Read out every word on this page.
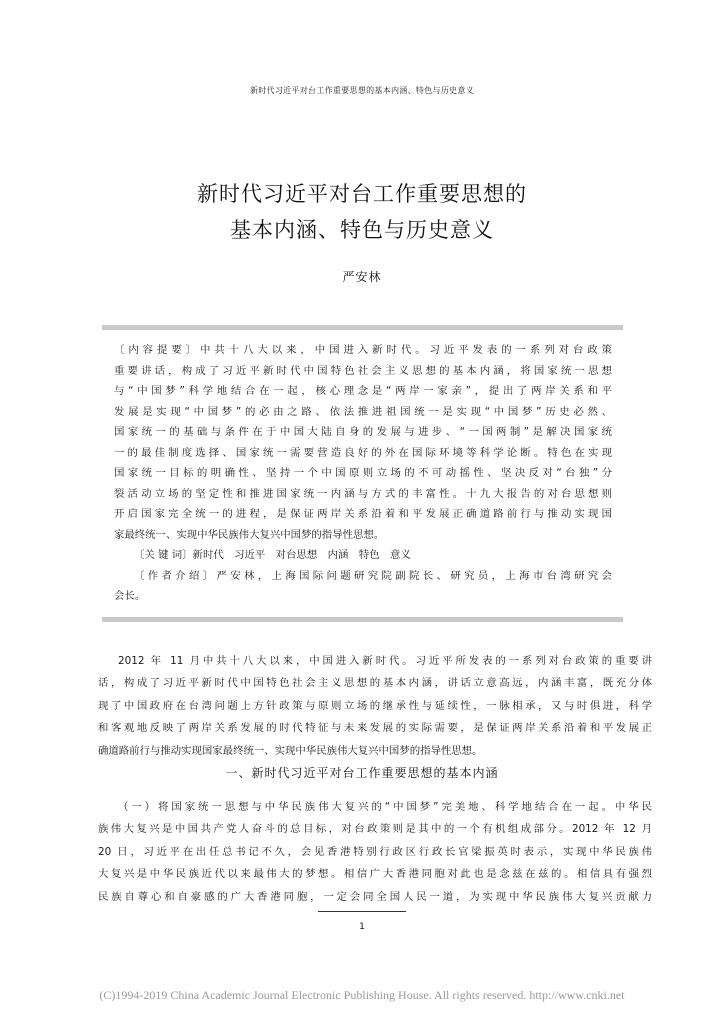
新时代习近平对台工作重要思想的基本内涵、特色与历史意义
新时代习近平对台工作重要思想的
基本内涵、特色与历史意义
严安林
〔内容提要〕中共十八大以来，中国进入新时代。习近平发表的一系列对台政策
重要讲话，构成了习近平新时代中国特色社会主义思想的基本内涵，将国家统一思想
与“中国梦”科学地结合在一起，核心理念是“两岸一家亲”，提出了两岸关系和平
发展是实现“中国梦”的必由之路、依法推进祖国统一是实现“中国梦”历史必然、
国家统一的基础与条件在于中国大陆自身的发展与进步、“一国两制”是解决国家统
一的最佳制度选择、国家统一需要营造良好的外在国际环境等科学论断。特色在实现
国家统一目标的明确性、坚持一个中国原则立场的不可动摇性、坚决反对“台独”分
裂活动立场的坚定性和推进国家统一内涵与方式的丰富性。十九大报告的对台思想则
开启国家完全统一的进程，是保证两岸关系沿着和平发展正确道路前行与推动实现国
家最终统一、实现中华民族伟大复兴中国梦的指导性思想。
〔关 键 词〕新时代　习近平　对台思想　内涵　特色　意义
〔作者介绍〕严安林，上海国际问题研究院副院长、研究员，上海市台湾研究会
会长。
2012 年 11 月中共十八大以来，中国进入新时代。习近平所发表的一系列对台政策的重要讲
话，构成了习近平新时代中国特色社会主义思想的基本内涵，讲话立意高远，内涵丰富，既充分体
现了中国政府在台湾问题上方针政策与原则立场的继承性与延续性，一脉相承，又与时俱进，科学
和客观地反映了两岸关系发展的时代特征与未来发展的实际需要，是保证两岸关系沿着和平发展正
确道路前行与推动实现国家最终统一、实现中华民族伟大复兴中国梦的指导性思想。
一、新时代习近平对台工作重要思想的基本内涵
（一）将国家统一思想与中华民族伟大复兴的“中国梦”完美地、科学地结合在一起。中华民
族伟大复兴是中国共产党人奋斗的总目标，对台政策则是其中的一个有机组成部分。2012 年 12 月
20 日，习近平在出任总书记不久，会见香港特别行政区行政长官梁振英时表示，实现中华民族伟
大复兴是中华民族近代以来最伟大的梦想。相信广大香港同胞对此也是念兹在兹的。相信具有强烈
民族自尊心和自豪感的广大香港同胞，一定会同全国人民一道，为实现中华民族伟大复兴贡献力
1
(C)1994-2019 China Academic Journal Electronic Publishing House. All rights reserved. http://www.cnki.net
